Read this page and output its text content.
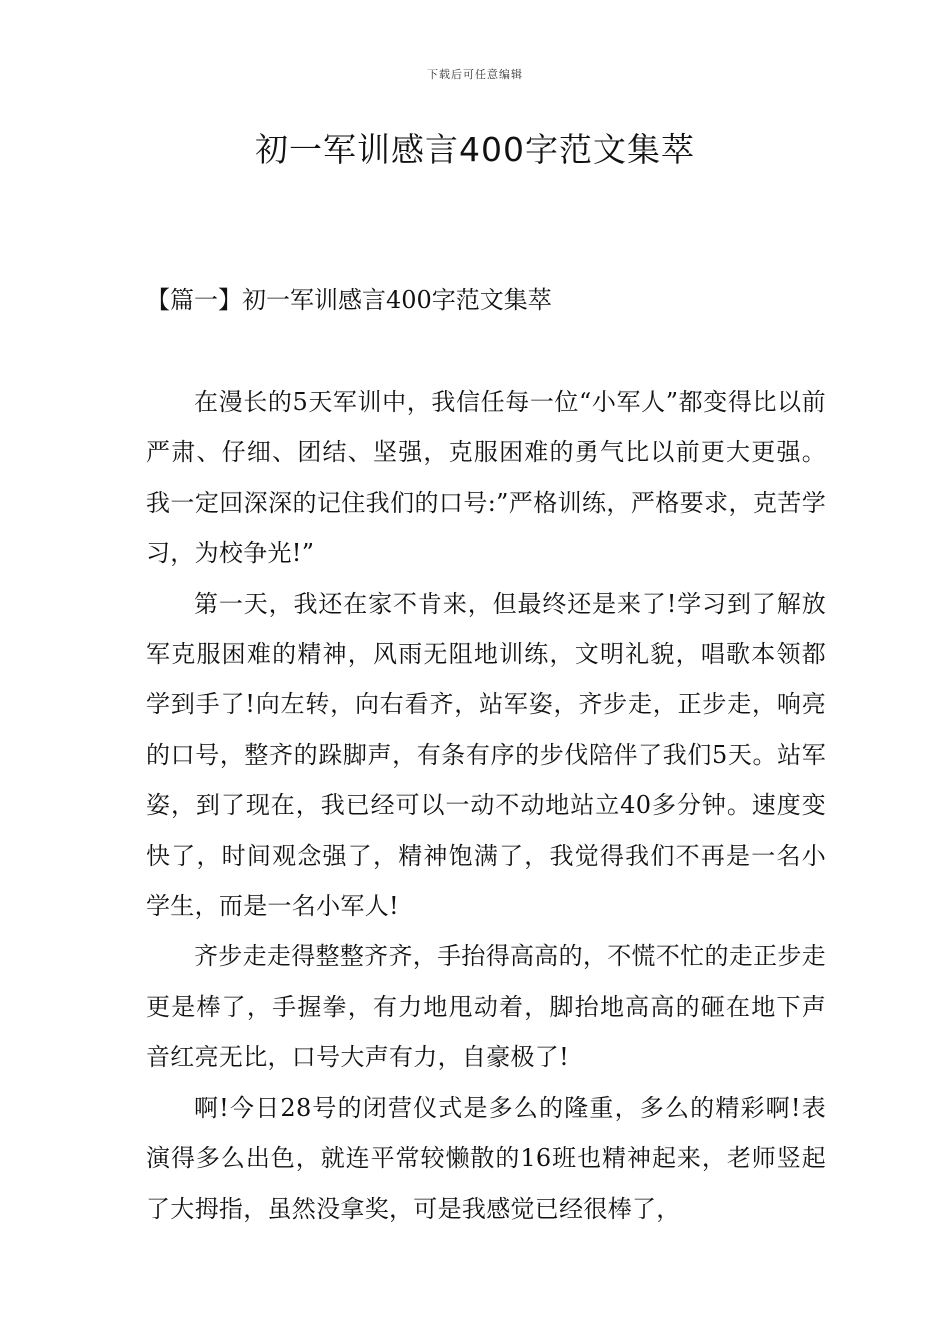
下载后可任意编辑
初一军训感言400字范文集萃
【篇一】初一军训感言400字范文集萃

在漫长的5天军训中，我信任每一位“小军人”都变得比以前严肃、仔细、团结、坚强，克服困难的勇气比以前更大更强。我一定回深深的记住我们的口号:”严格训练，严格要求，克苦学习，为校争光!”

第一天，我还在家不肯来，但最终还是来了!学习到了解放军克服困难的精神，风雨无阻地训练，文明礼貌，唱歌本领都学到手了!向左转，向右看齐，站军姿，齐步走，正步走，响亮的口号，整齐的跺脚声，有条有序的步伐陪伴了我们5天。站军姿，到了现在，我已经可以一动不动地站立40多分钟。速度变快了，时间观念强了，精神饱满了，我觉得我们不再是一名小学生，而是一名小军人!

齐步走走得整整齐齐，手抬得高高的，不慌不忙的走正步走更是棒了，手握拳，有力地甩动着，脚抬地高高的砸在地下声音红亮无比，口号大声有力，自豪极了!

啊!今日28号的闭营仪式是多么的隆重，多么的精彩啊!表演得多么出色，就连平常较懒散的16班也精神起来，老师竖起了大拇指，虽然没拿奖，可是我感觉已经很棒了，
